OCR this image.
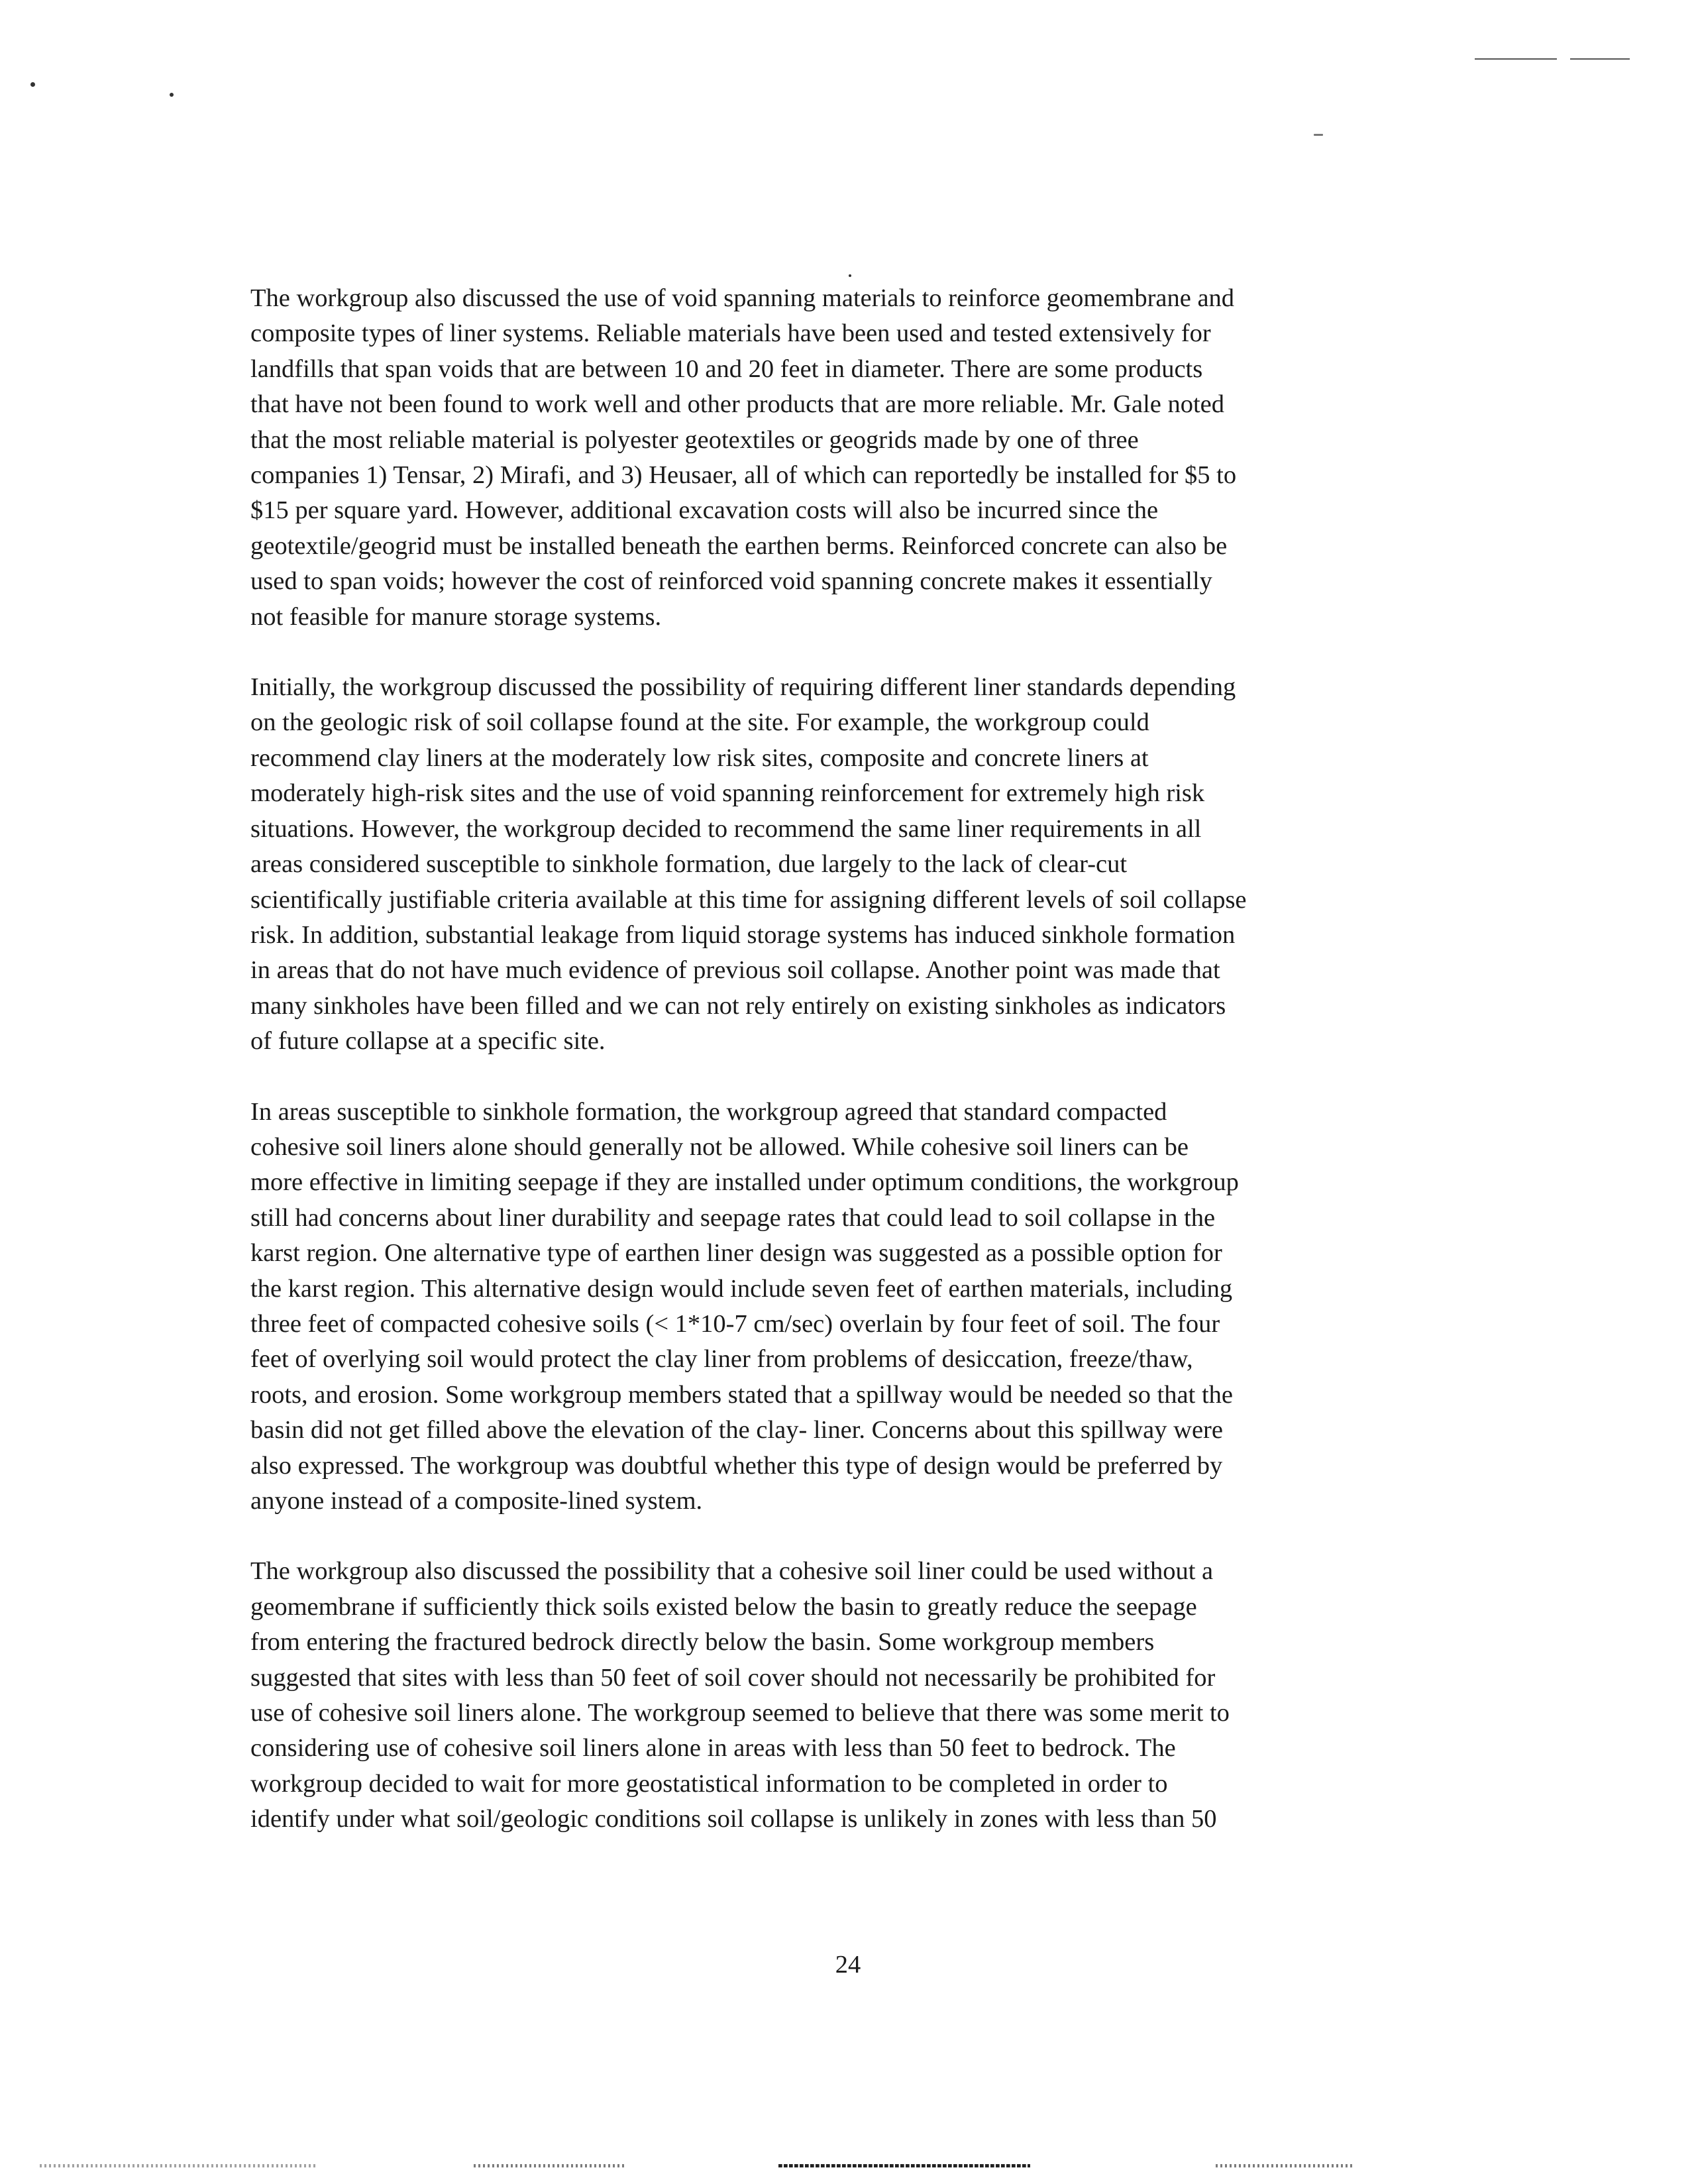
The workgroup also discussed the use of void spanning materials to reinforce geomembrane and
composite types of liner systems. Reliable materials have been used and tested extensively for
landfills that span voids that are between 10 and 20 feet in diameter. There are some products
that have not been found to work well and other products that are more reliable. Mr. Gale noted
that the most reliable material is polyester geotextiles or geogrids made by one of three
companies 1) Tensar, 2) Mirafi, and 3) Heusaer, all of which can reportedly be installed for $5 to
$15 per square yard. However, additional excavation costs will also be incurred since the
geotextile/geogrid must be installed beneath the earthen berms. Reinforced concrete can also be
used to span voids; however the cost of reinforced void spanning concrete makes it essentially
not feasible for manure storage systems.
Initially, the workgroup discussed the possibility of requiring different liner standards depending
on the geologic risk of soil collapse found at the site. For example, the workgroup could
recommend clay liners at the moderately low risk sites, composite and concrete liners at
moderately high-risk sites and the use of void spanning reinforcement for extremely high risk
situations. However, the workgroup decided to recommend the same liner requirements in all
areas considered susceptible to sinkhole formation, due largely to the lack of clear-cut
scientifically justifiable criteria available at this time for assigning different levels of soil collapse
risk. In addition, substantial leakage from liquid storage systems has induced sinkhole formation
in areas that do not have much evidence of previous soil collapse. Another point was made that
many sinkholes have been filled and we can not rely entirely on existing sinkholes as indicators
of future collapse at a specific site.
In areas susceptible to sinkhole formation, the workgroup agreed that standard compacted
cohesive soil liners alone should generally not be allowed. While cohesive soil liners can be
more effective in limiting seepage if they are installed under optimum conditions, the workgroup
still had concerns about liner durability and seepage rates that could lead to soil collapse in the
karst region. One alternative type of earthen liner design was suggested as a possible option for
the karst region. This alternative design would include seven feet of earthen materials, including
three feet of compacted cohesive soils (< 1*10-7 cm/sec) overlain by four feet of soil. The four
feet of overlying soil would protect the clay liner from problems of desiccation, freeze/thaw,
roots, and erosion. Some workgroup members stated that a spillway would be needed so that the
basin did not get filled above the elevation of the clay- liner. Concerns about this spillway were
also expressed. The workgroup was doubtful whether this type of design would be preferred by
anyone instead of a composite-lined system.
The workgroup also discussed the possibility that a cohesive soil liner could be used without a
geomembrane if sufficiently thick soils existed below the basin to greatly reduce the seepage
from entering the fractured bedrock directly below the basin. Some workgroup members
suggested that sites with less than 50 feet of soil cover should not necessarily be prohibited for
use of cohesive soil liners alone. The workgroup seemed to believe that there was some merit to
considering use of cohesive soil liners alone in areas with less than 50 feet to bedrock. The
workgroup decided to wait for more geostatistical information to be completed in order to
identify under what soil/geologic conditions soil collapse is unlikely in zones with less than 50
24
